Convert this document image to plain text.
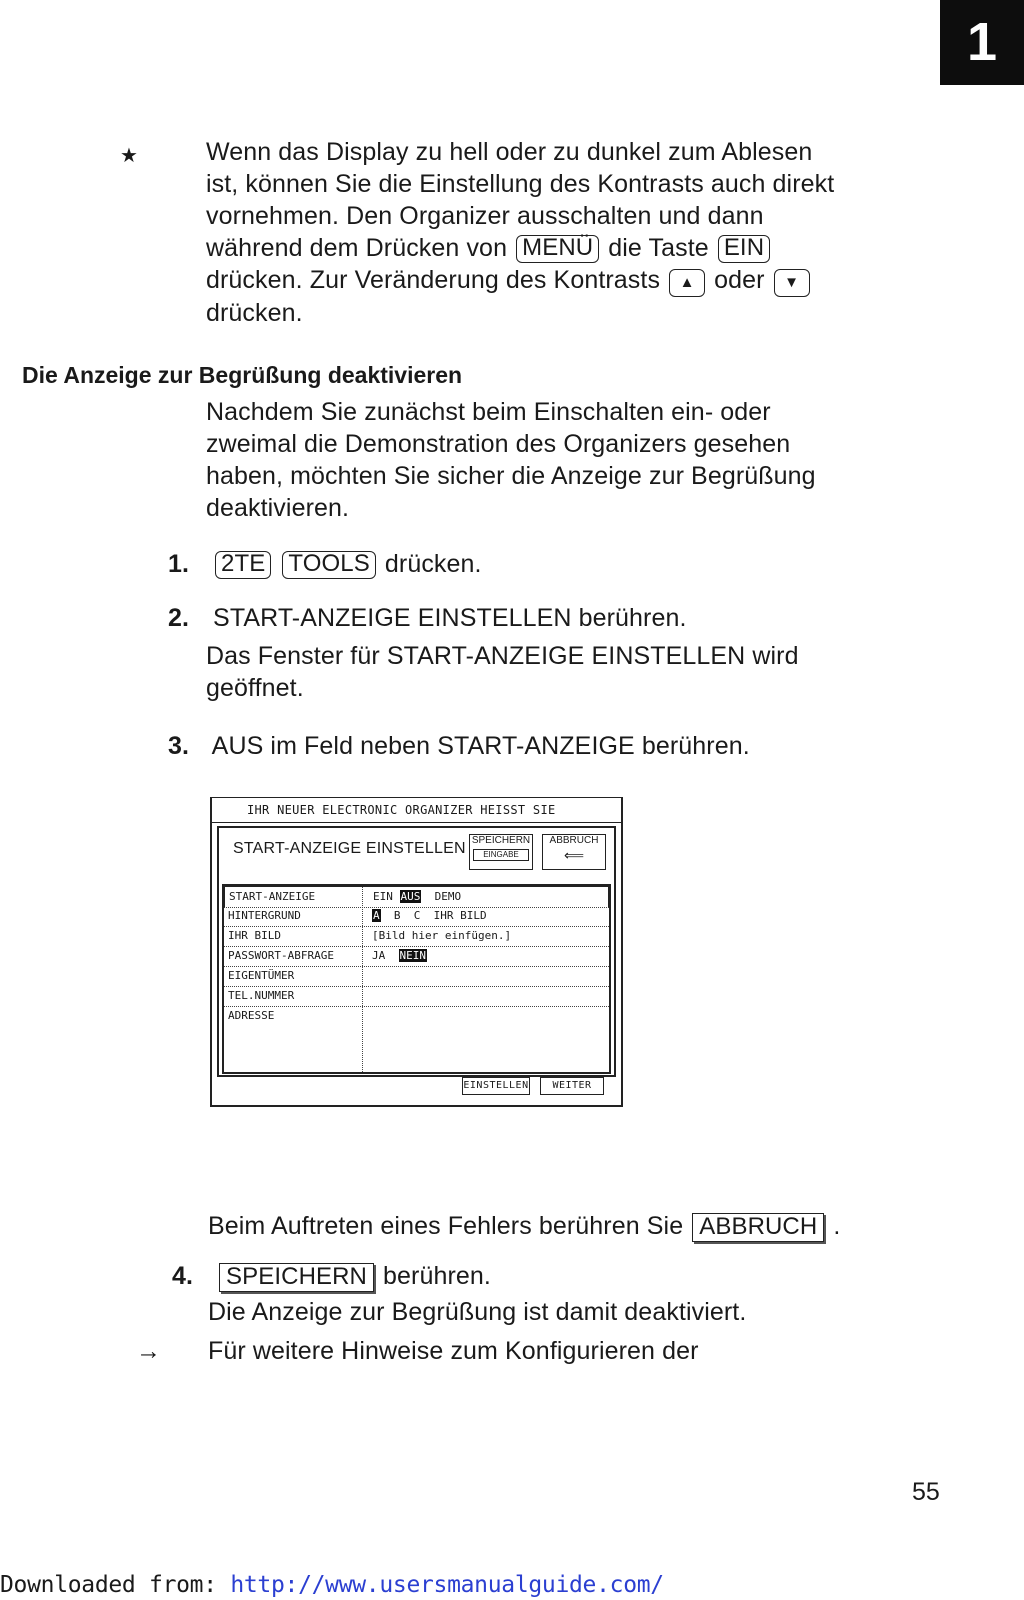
1
★	Wenn das Display zu hell oder zu dunkel zum Ablesen
ist, können Sie die Einstellung des Kontrasts auch direkt
vornehmen. Den Organizer ausschalten und dann
während dem Drücken von MENÜ die Taste EIN
drücken. Zur Veränderung des Kontrasts ▲ oder ▼
drücken.
Die Anzeige zur Begrüßung deaktivieren
Nachdem Sie zunächst beim Einschalten ein- oder
zweimal die Demonstration des Organizers gesehen
haben, möchten Sie sicher die Anzeige zur Begrüßung
deaktivieren.
1. 2TE TOOLS drücken.
2. START-ANZEIGE EINSTELLEN berühren.
Das Fenster für START-ANZEIGE EINSTELLEN wird
geöffnet.
3. AUS im Feld neben START-ANZEIGE berühren.
IHR NEUER ELECTRONIC ORGANIZER HEISST SIE
START-ANZEIGE EINSTELLEN SPEICHERN
EINGABE
ABBRUCH
⟸
START-ANZEIGE	EIN AUS DEMO
HINTERGRUND	A B C IHR BILD
IHR BILD	[Bild hier einfügen.]
PASSWORT-ABFRAGE	JA NEIN
EIGENTÜMER
TEL.NUMMER
ADRESSE
EINSTELLEN	WEITER
Beim Auftreten eines Fehlers berühren Sie ABBRUCH .
4. SPEICHERN berühren.
Die Anzeige zur Begrüßung ist damit deaktiviert.
→ Für weitere Hinweise zum Konfigurieren der
55
Downloaded from: http://www.usersmanualguide.com/
